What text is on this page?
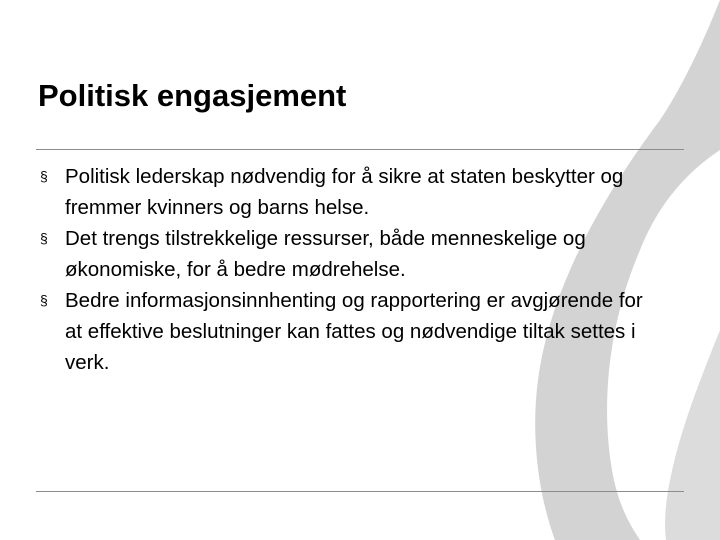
Politisk engasjement
§ Politisk lederskap nødvendig for å sikre at staten beskytter og fremmer kvinners og barns helse.
§ Det trengs tilstrekkelige ressurser, både menneskelige og økonomiske, for å bedre mødrehelse.
§ Bedre informasjonsinnhenting og rapportering er avgjørende for at effektive beslutninger kan fattes og nødvendige tiltak settes i verk.
